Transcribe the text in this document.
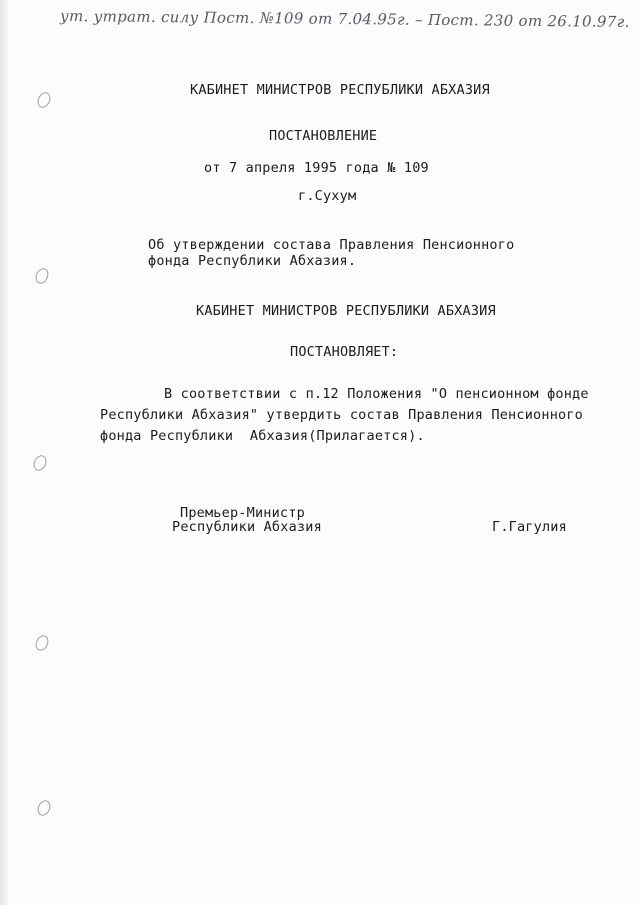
ут. утрат. силу Пост. №109 от 7.04.95г. – Пост. 230 от 26.10.97г.
КАБИНЕТ МИНИСТРОВ РЕСПУБЛИКИ АБХАЗИЯ
ПОСТАНОВЛЕНИЕ
от 7 апреля 1995 года № 109
г.Сухум
Об утверждении состава Правления Пенсионного
фонда Республики Абхазия.
КАБИНЕТ МИНИСТРОВ РЕСПУБЛИКИ АБХАЗИЯ
ПОСТАНОВЛЯЕТ:
В соответствии с п.12 Положения "О пенсионном фонде
Республики Абхазия" утвердить состав Правления Пенсионного
фонда Республики  Абхазия(Прилагается).
Премьер-Министр
Республики Абхазия	Г.Гагулия
